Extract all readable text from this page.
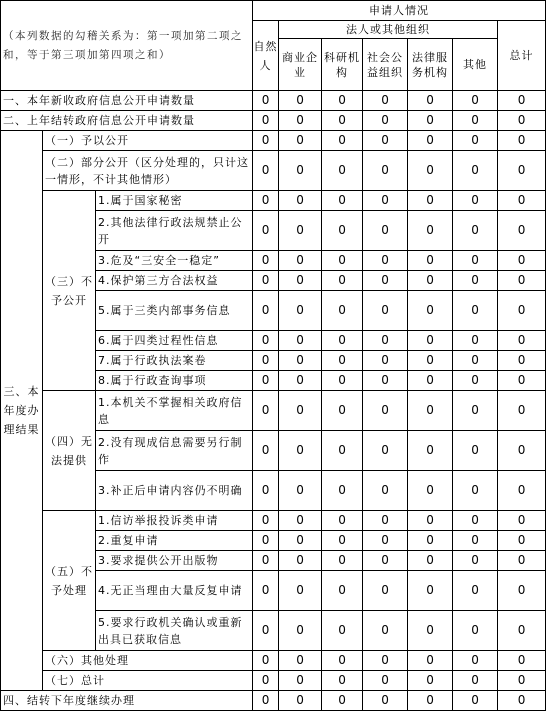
（本列数据的勾稽关系为：第一项加第二项之和，等于第三项加第四项之和）			申请人情况						
			自然人	法人或其他组织					总计
				商业企业	科研机构	社会公益组织	法律服务机构	其他	
一、本年新收政府信息公开申请数量			0	0	0	0	0	0	0
二、上年结转政府信息公开申请数量			0	0	0	0	0	0	0
三、本年度办理结果	（一）予以公开		0	0	0	0	0	0	0
	（二）部分公开（区分处理的，只计这一情形，不计其他情形）		0	0	0	0	0	0	0
	（三）不予公开	1.属于国家秘密	0	0	0	0	0	0	0
		2.其他法律行政法规禁止公开	0	0	0	0	0	0	0
		3.危及“三安全一稳定”	0	0	0	0	0	0	0
		4.保护第三方合法权益	0	0	0	0	0	0	0
		5.属于三类内部事务信息	0	0	0	0	0	0	0
		6.属于四类过程性信息	0	0	0	0	0	0	0
		7.属于行政执法案卷	0	0	0	0	0	0	0
		8.属于行政查询事项	0	0	0	0	0	0	0
	（四）无法提供	1.本机关不掌握相关政府信息	0	0	0	0	0	0	0
		2.没有现成信息需要另行制作	0	0	0	0	0	0	0
		3.补正后申请内容仍不明确	0	0	0	0	0	0	0
	（五）不予处理	1.信访举报投诉类申请	0	0	0	0	0	0	0
		2.重复申请	0	0	0	0	0	0	0
		3.要求提供公开出版物	0	0	0	0	0	0	0
		4.无正当理由大量反复申请	0	0	0	0	0	0	0
		5.要求行政机关确认或重新出具已获取信息	0	0	0	0	0	0	0
	（六）其他处理		0	0	0	0	0	0	0
	（七）总计		0	0	0	0	0	0	0
四、结转下年度继续办理			0	0	0	0	0	0	0
